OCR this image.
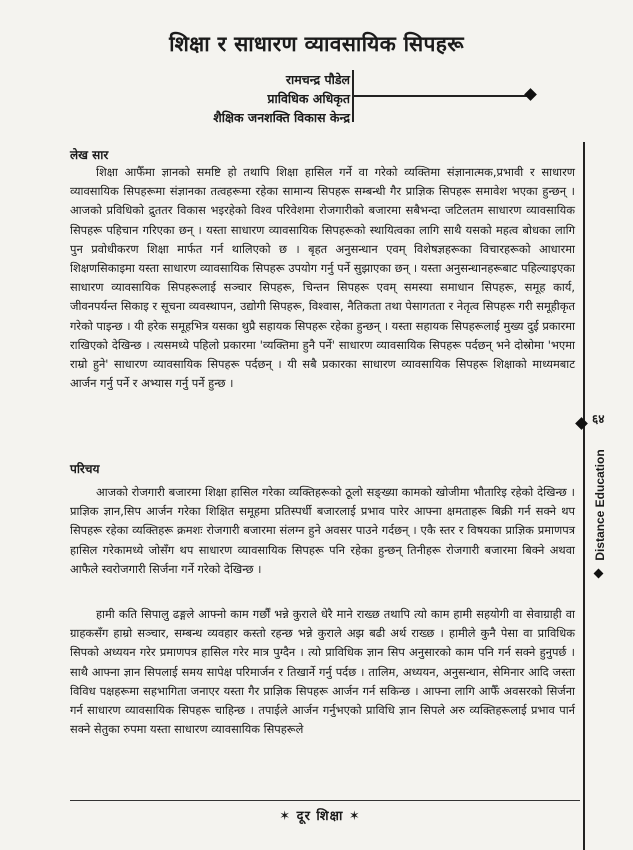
शिक्षा र साधारण व्यावसायिक सिपहरू
रामचन्द्र पौडेल
प्राविधिक अधिकृत
शैक्षिक जनशक्ति विकास केन्द्र
६४
Distance Education
लेख सार

शिक्षा आफैँमा ज्ञानको समष्टि हो तथापि शिक्षा हासिल गर्ने वा गरेको व्यक्तिमा संज्ञानात्मक,प्रभावी र साधारण व्यावसायिक सिपहरूमा संज्ञानका तत्वहरूमा रहेका सामान्य सिपहरू सम्बन्धी गैर प्राज्ञिक सिपहरू समावेश भएका हुन्छन् । आजको प्रविधिको द्रुततर विकास भइरहेको विश्व परिवेशमा रोजगारीको बजारमा सबैभन्दा जटिलतम साधारण व्यावसायिक सिपहरू पहिचान गरिएका छन् । यस्ता साधारण व्यावसायिक सिपहरूको स्थायित्वका लागि साथै यसको महत्व बोधका लागि पुन प्रवोधीकरण शिक्षा मार्फत गर्न थालिएको छ । बृहत अनुसन्धान एवम् विशेषज्ञहरूका विचारहरूको आधारमा शिक्षणसिकाइमा यस्ता साधारण व्यावसायिक सिपहरू उपयोग गर्नु पर्ने सुझाएका छन् । यस्ता अनुसन्धानहरूबाट पहिल्याइएका साधारण व्यावसायिक सिपहरूलाई सञ्चार सिपहरू, चिन्तन सिपहरू एवम् समस्या समाधान सिपहरू, समूह कार्य, जीवनपर्यन्त सिकाइ र सूचना व्यवस्थापन, उद्योगी सिपहरू, विश्वास, नैतिकता तथा पेसागतता र नेतृत्व सिपहरू गरी समूहीकृत गरेको पाइन्छ । यी हरेक समूहभित्र यसका थुप्रै सहायक सिपहरू रहेका हुन्छन् । यस्ता सहायक सिपहरूलाई मुख्य दुई प्रकारमा राखिएको देखिन्छ । त्यसमध्ये पहिलो प्रकारमा 'व्यक्तिमा हुनै पर्ने' साधारण व्यावसायिक सिपहरू पर्दछन् भने दोस्रोमा 'भएमा राम्रो हुने' साधारण व्यावसायिक सिपहरू पर्दछन् । यी सबै प्रकारका साधारण व्यावसायिक सिपहरू शिक्षाको माध्यमबाट आर्जन गर्नु पर्ने र अभ्यास गर्नु पर्ने हुन्छ ।

परिचय

आजको रोजगारी बजारमा शिक्षा हासिल गरेका व्यक्तिहरूको ठूलो सङ्ख्या कामको खोजीमा भौतारिइ रहेको देखिन्छ । प्राज्ञिक ज्ञान,सिप आर्जन गरेका शिक्षित समूहमा प्रतिस्पर्धी बजारलाई प्रभाव पारेर आफ्ना क्षमताहरू बिक्री गर्न सक्ने थप सिपहरू रहेका व्यक्तिहरू क्रमशः रोजगारी बजारमा संलग्न हुने अवसर पाउने गर्दछन् । एकै स्तर र विषयका प्राज्ञिक प्रमाणपत्र हासिल गरेकामध्ये जोसँग थप साधारण व्यावसायिक सिपहरू पनि रहेका हुन्छन् तिनीहरू रोजगारी बजारमा बिक्ने अथवा आफैले स्वरोजगारी सिर्जना गर्ने गरेको देखिन्छ ।

हामी कति सिपालु ढङ्गले आफ्नो काम गर्छौं भन्ने कुराले धेरै माने राख्छ तथापि त्यो काम हामी सहयोगी वा सेवाग्राही वा ग्राहकसँग हाम्रो सञ्चार, सम्बन्ध व्यवहार कस्तो रहन्छ भन्ने कुराले अझ बढी अर्थ राख्छ । हामीले कुनै पेसा वा प्राविधिक सिपको अध्ययन गरेर प्रमाणपत्र हासिल गरेर मात्र पुग्दैन । त्यो प्राविधिक ज्ञान सिप अनुसारको काम पनि गर्न सक्ने हुनुपर्छ । साथै आफ्ना ज्ञान सिपलाई समय सापेक्ष परिमार्जन र तिखार्ने गर्नु पर्दछ । तालिम, अध्ययन, अनुसन्धान, सेमिनार आदि जस्ता विविध पक्षहरूमा सहभागिता जनाएर यस्ता गैर प्राज्ञिक सिपहरू आर्जन गर्न सकिन्छ । आफ्ना लागि आफैँ अवसरको सिर्जना गर्न साधारण व्यावसायिक सिपहरू चाहिन्छ । तपाईले आर्जन गर्नुभएको प्राविधि ज्ञान सिपले अरु व्यक्तिहरूलाई प्रभाव पार्न सक्ने सेतुका रुपमा यस्ता साधारण व्यावसायिक सिपहरूले

✶ दूर शिक्षा ✶
